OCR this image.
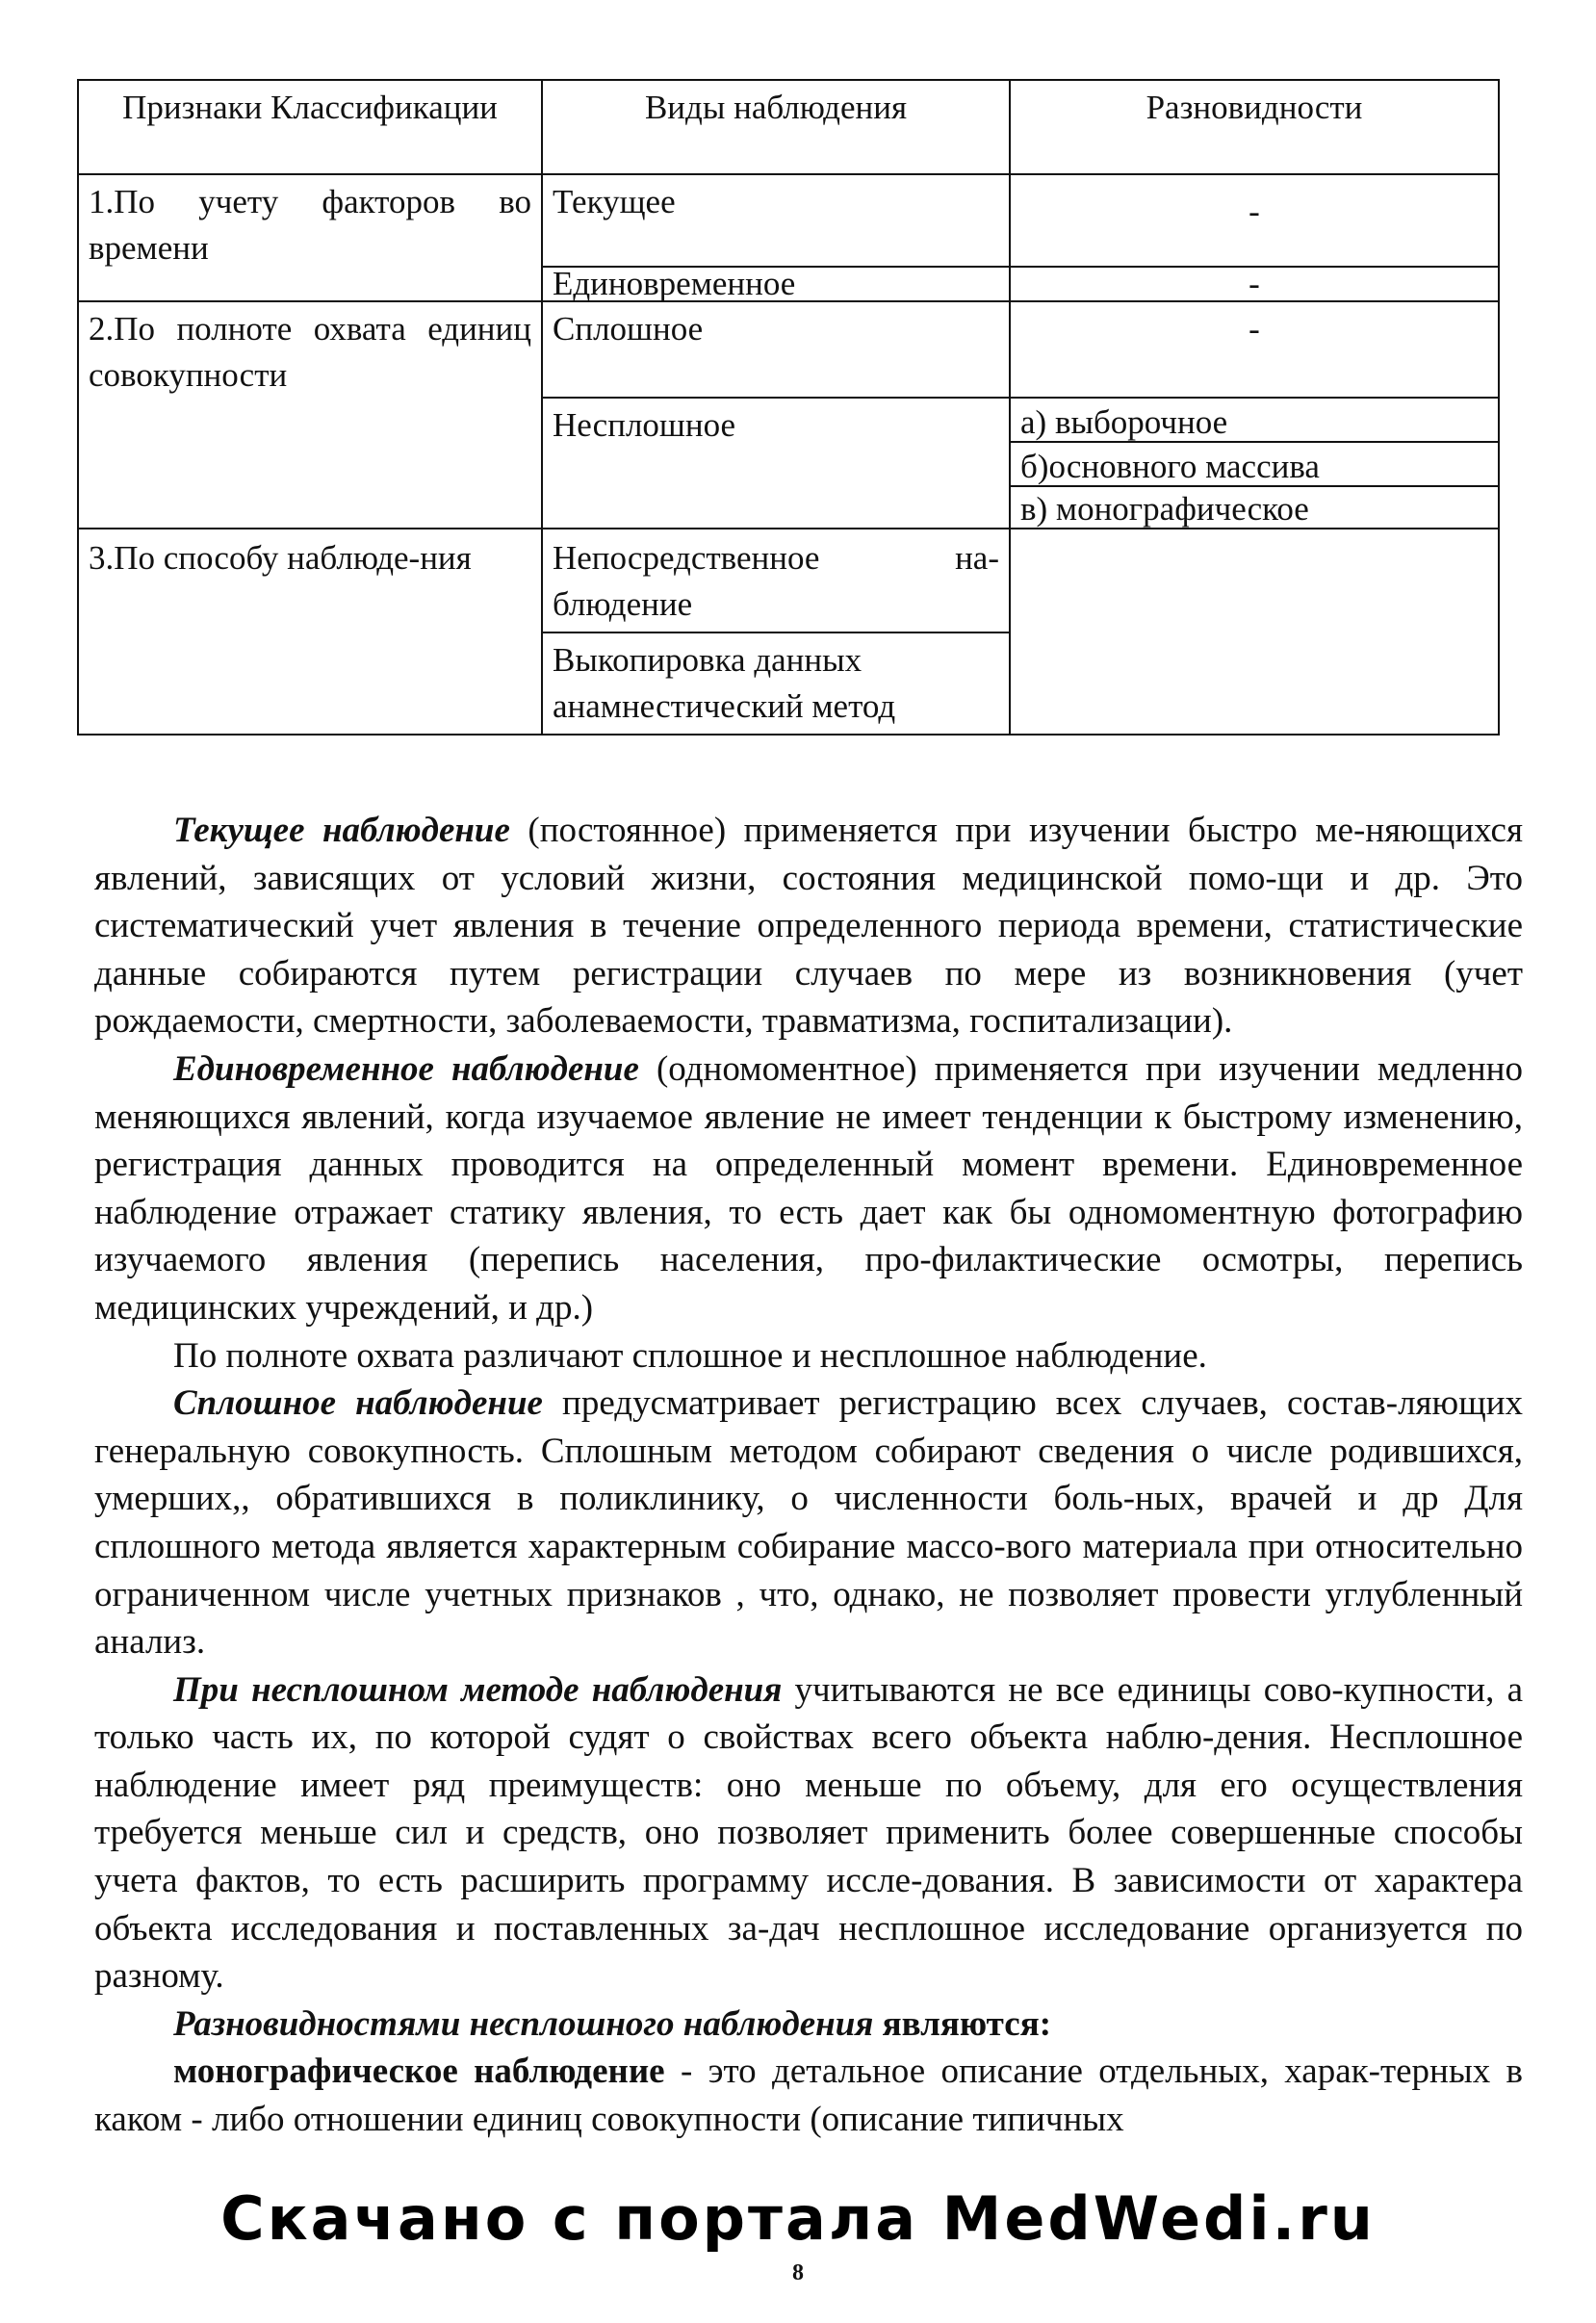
Признаки Классификации	Виды наблюдения	Разновидности
1.По учету факторов во времени	Текущее	-
	Единовременное	-
2.По полноте охвата единиц совокупности	Сплошное	-
	Несплошное	а) выборочное
		б)основного массива
		в) монографическое
3.По способу наблюде-ния	Непосредственное на-блюдение	
	Выкопировка данных анамнестический метод	

Текущее наблюдение (постоянное) применяется при изучении быстро ме-няющихся явлений, зависящих от условий жизни, состояния медицинской помо-щи и др. Это систематический учет явления в течение определенного периода времени, статистические данные собираются путем регистрации случаев по мере из возникновения (учет рождаемости, смертности, заболеваемости, травматизма, госпитализации).

Единовременное наблюдение (одномоментное) применяется при изучении медленно меняющихся явлений, когда изучаемое явление не имеет тенденции к быстрому изменению, регистрация данных проводится на определенный момент времени. Единовременное наблюдение отражает статику явления, то есть дает как бы одномоментную фотографию изучаемого явления (перепись населения, про-филактические осмотры, перепись медицинских учреждений, и др.)

По полноте охвата различают сплошное и несплошное наблюдение.

Сплошное наблюдение предусматривает регистрацию всех случаев, состав-ляющих генеральную совокупность. Сплошным методом собирают сведения о числе родившихся, умерших,, обратившихся в поликлинику, о численности боль-ных, врачей и др Для сплошного метода является характерным собирание массо-вого материала при относительно ограниченном числе учетных признаков , что, однако, не позволяет провести углубленный анализ.

При несплошном методе наблюдения учитываются не все единицы сово-купности, а только часть их, по которой судят о свойствах всего объекта наблю-дения. Несплошное наблюдение имеет ряд преимуществ: оно меньше по объему, для его осуществления требуется меньше сил и средств, оно позволяет применить более совершенные способы учета фактов, то есть расширить программу иссле-дования. В зависимости от характера объекта исследования и поставленных за-дач несплошное исследование организуется по разному.

Разновидностями несплошного наблюдения являются:

монографическое наблюдение - это детальное описание отдельных, харак-терных в каком - либо отношении единиц совокупности (описание типичных

Скачано с портала MedWedi.ru
8
